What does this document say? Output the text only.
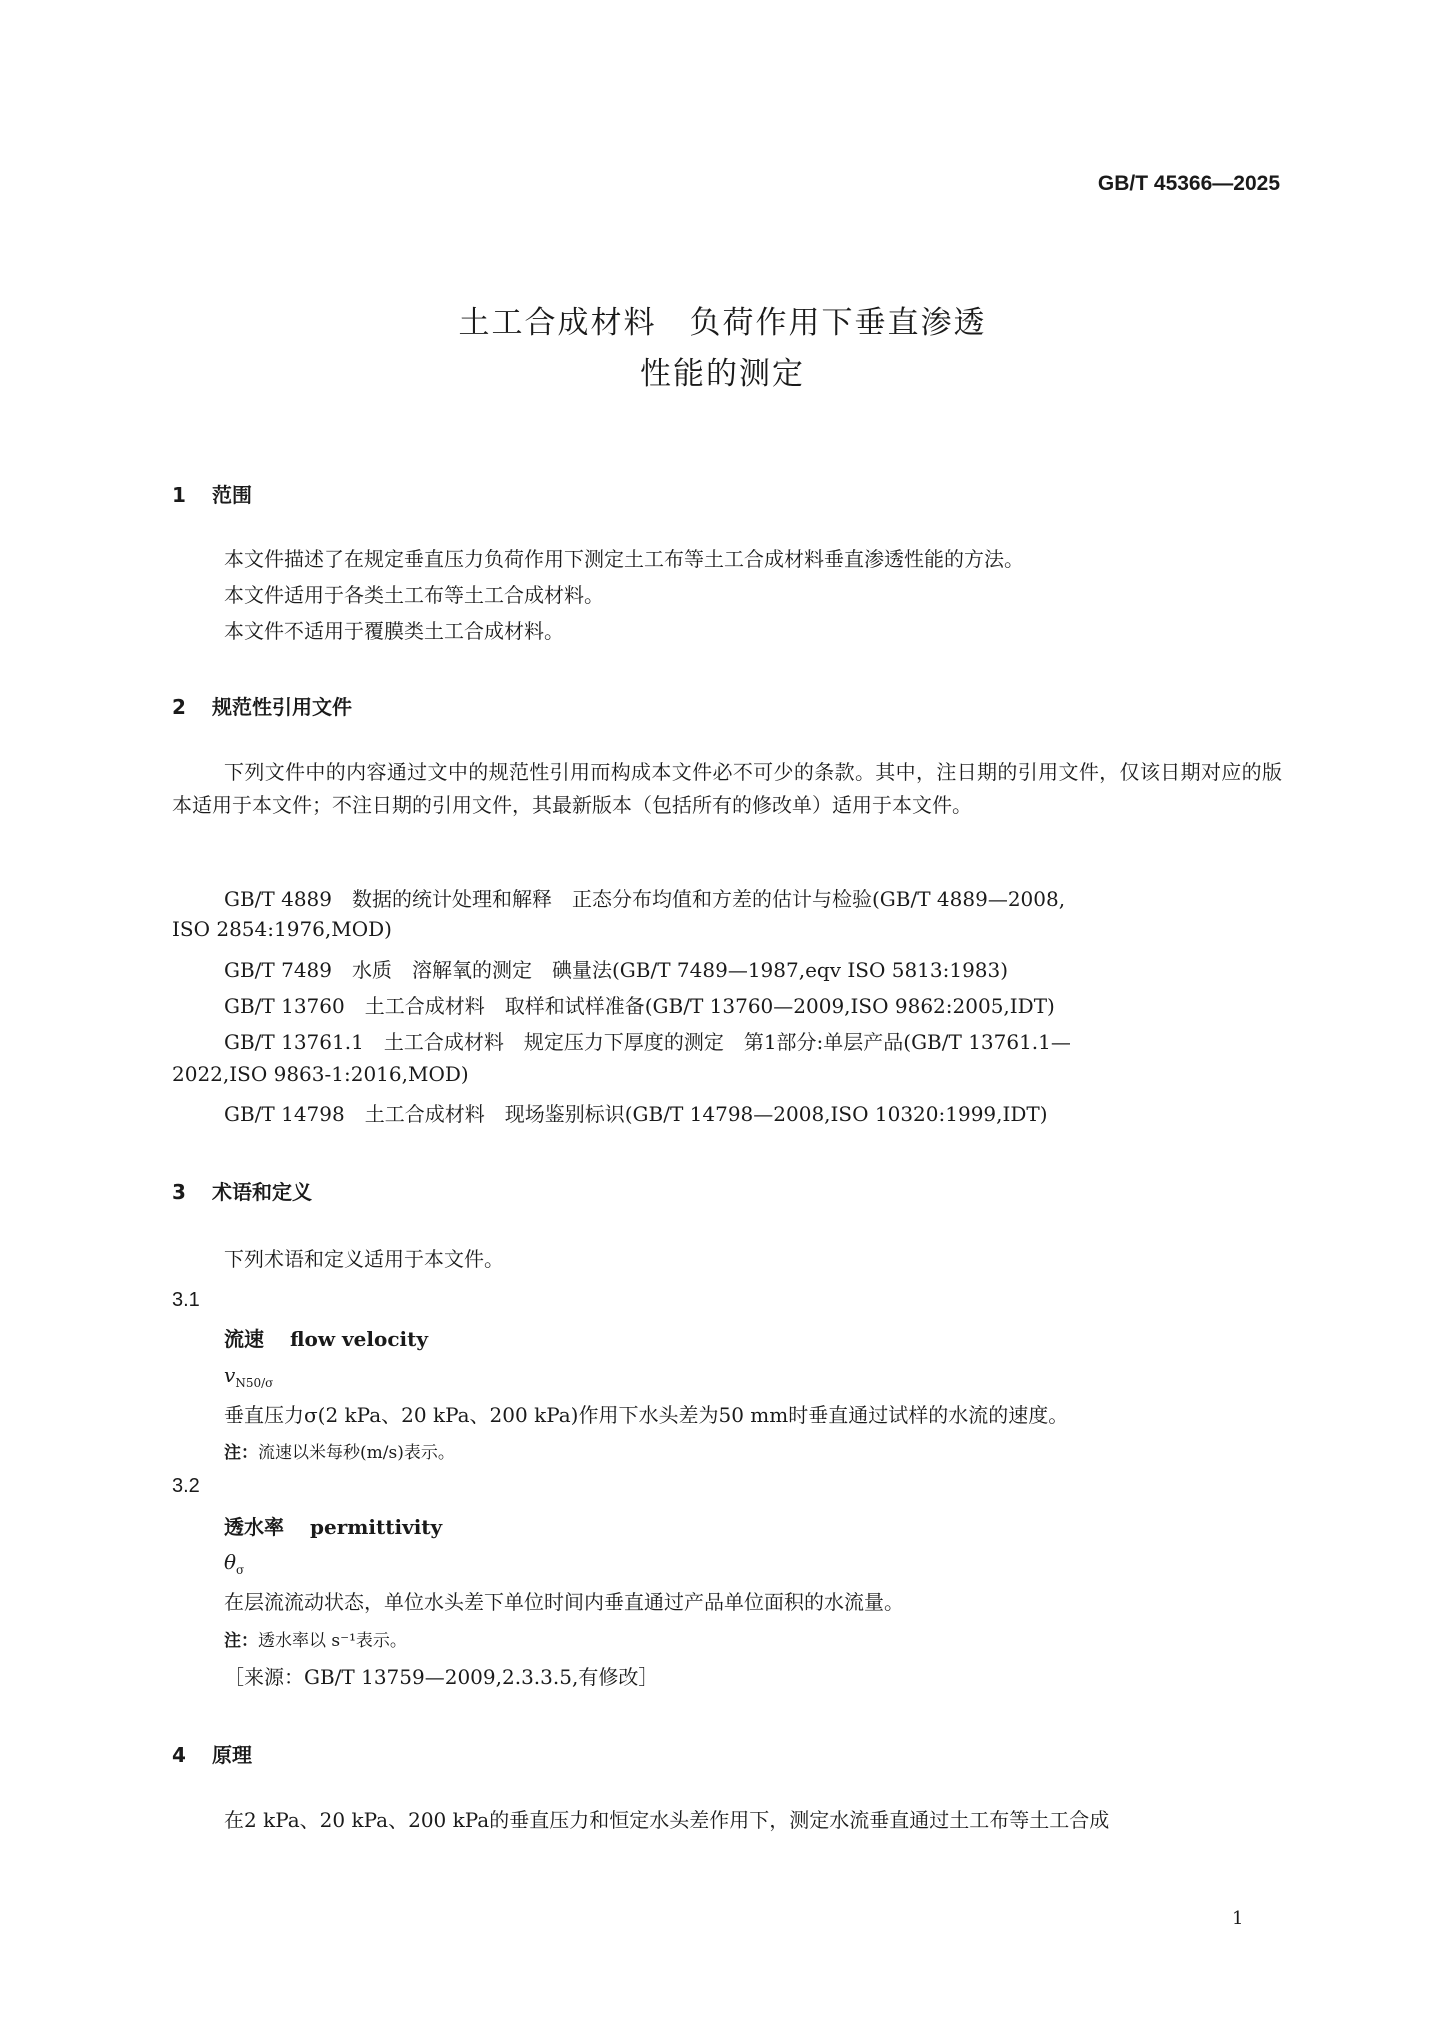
GB/T 45366—2025
土工合成材料　负荷作用下垂直渗透
性能的测定
1 范围
本文件描述了在规定垂直压力负荷作用下测定土工布等土工合成材料垂直渗透性能的方法。
本文件适用于各类土工布等土工合成材料。
本文件不适用于覆膜类土工合成材料。
2 规范性引用文件
下列文件中的内容通过文中的规范性引用而构成本文件必不可少的条款。其中，注日期的引用文件，仅该日期对应的版本适用于本文件；不注日期的引用文件，其最新版本（包括所有的修改单）适用于本文件。
GB/T 4889　数据的统计处理和解释　正态分布均值和方差的估计与检验(GB/T 4889—2008,
ISO 2854:1976,MOD)
GB/T 7489　水质　溶解氧的测定　碘量法(GB/T 7489—1987,eqv ISO 5813:1983)
GB/T 13760　土工合成材料　取样和试样准备(GB/T 13760—2009,ISO 9862:2005,IDT)
GB/T 13761.1　土工合成材料　规定压力下厚度的测定　第1部分:单层产品(GB/T 13761.1—
2022,ISO 9863-1:2016,MOD)
GB/T 14798　土工合成材料　现场鉴别标识(GB/T 14798—2008,ISO 10320:1999,IDT)
3 术语和定义
下列术语和定义适用于本文件。
3.1
流速 flow velocity
$v_{N50/\sigma}$
垂直压力σ(2 kPa、20 kPa、200 kPa)作用下水头差为50 mm时垂直通过试样的水流的速度。
注：流速以米每秒(m/s)表示。
3.2
透水率 permittivity
$\theta_\sigma$
在层流流动状态，单位水头差下单位时间内垂直通过产品单位面积的水流量。
注：透水率以 s⁻¹表示。
［来源：GB/T 13759—2009,2.3.3.5,有修改］
4 原理
在2 kPa、20 kPa、200 kPa的垂直压力和恒定水头差作用下，测定水流垂直通过土工布等土工合成
1
